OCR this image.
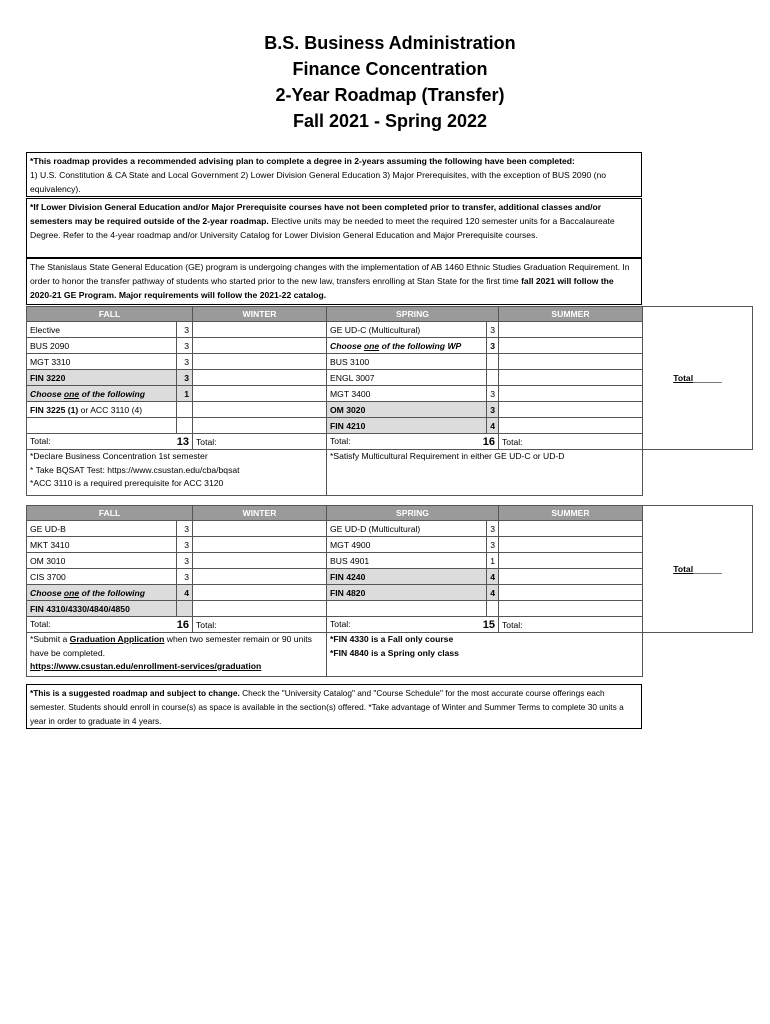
B.S. Business Administration
Finance Concentration
2-Year Roadmap (Transfer)
Fall 2021 - Spring 2022
*This roadmap provides a recommended advising plan to complete a degree in 2-years assuming the following have been completed:
1) U.S. Constitution & CA State and Local Government 2) Lower Division General Education 3) Major Prerequisites, with the exception of BUS 2090 (no equivalency).
*If Lower Division General Education and/or Major Prerequisite courses have not been completed prior to transfer, additional classes and/or semesters may be required outside of the 2-year roadmap. Elective units may be needed to meet the required 120 semester units for a Baccalaureate Degree. Refer to the 4-year roadmap and/or University Catalog for Lower Division General Education and Major Prerequisite courses.
The Stanislaus State General Education (GE) program is undergoing changes with the implementation of AB 1460 Ethnic Studies Graduation Requirement. In order to honor the transfer pathway of students who started prior to the new law, transfers enrolling at Stan State for the first time fall 2021 will follow the 2020-21 GE Program. Major requirements will follow the 2021-22 catalog.
FALL		WINTER	SPRING		SUMMER	Total______
Elective	3		GE UD-C (Multicultural)	3		
BUS 2090	3		Choose one of the following WP	3		
MGT 3310	3		BUS 3100			
FIN 3220	3		ENGL 3007			
Choose one of the following	1		MGT 3400	3		
FIN 3225 (1) or ACC 3110 (4)			OM 3020	3		
			FIN 4210	4		
Total: 13		Total:	Total: 16		Total:	
*Declare Business Concentration 1st semester
* Take BQSAT Test: https://www.csustan.edu/cba/bqsat
*ACC 3110 is a required prerequisite for ACC 3120			*Satisfy Multicultural Requirement in either GE UD-C or UD-D			
FALL		WINTER	SPRING		SUMMER	Total______
GE UD-B	3		GE UD-D (Multicultural)	3		
MKT 3410	3		MGT 4900	3		
OM 3010	3		BUS 4901	1		
CIS 3700	3		FIN 4240	4		
Choose one of the following	4		FIN 4820	4		
FIN 4310/4330/4840/4850						
Total: 16		Total:	Total: 15		Total:	
*Submit a Graduation Application when two semester remain or 90 units have be completed.
https://www.csustan.edu/enrollment-services/graduation			*FIN 4330 is a Fall only course
*FIN 4840 is a Spring only class			
*This is a suggested roadmap and subject to change. Check the "University Catalog" and "Course Schedule" for the most accurate course offerings each semester. Students should enroll in course(s) as space is available in the section(s) offered. *Take advantage of Winter and Summer Terms to complete 30 units a year in order to graduate in 4 years.
